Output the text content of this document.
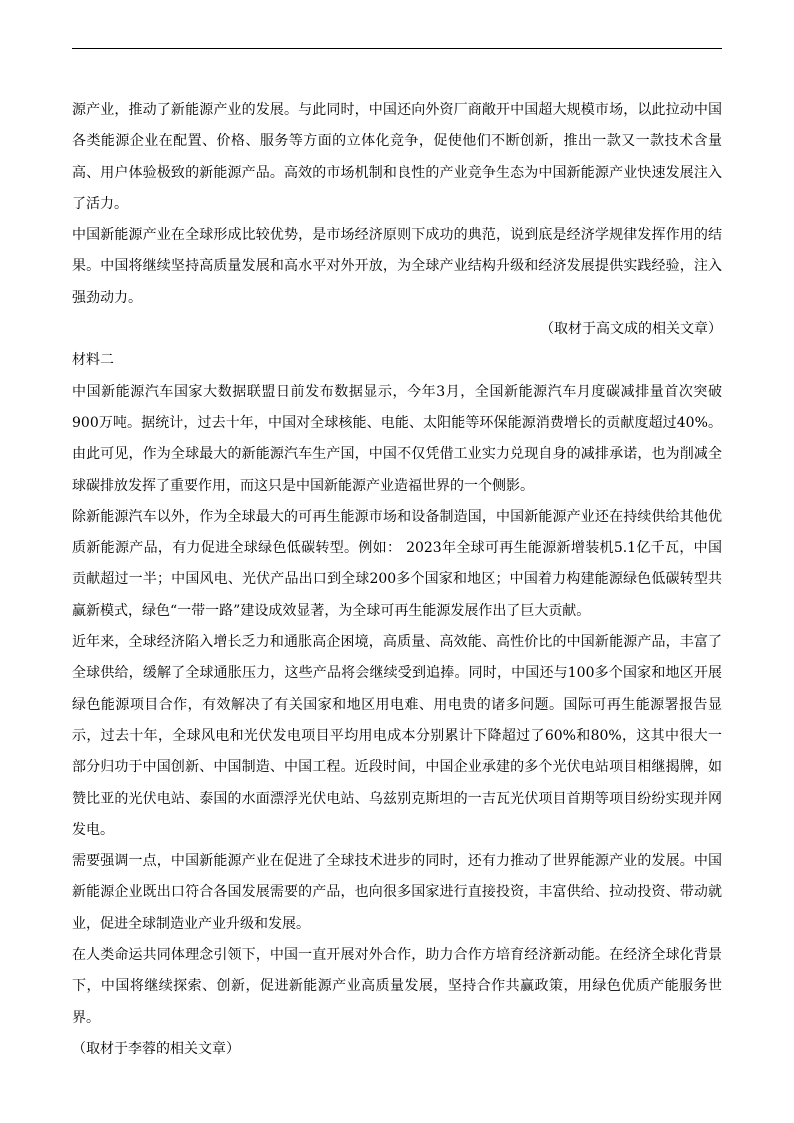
源产业，推动了新能源产业的发展。与此同时，中国还向外资厂商敞开中国超大规模市场，以此拉动中国各类能源企业在配置、价格、服务等方面的立体化竞争，促使他们不断创新，推出一款又一款技术含量高、用户体验极致的新能源产品。高效的市场机制和良性的产业竞争生态为中国新能源产业快速发展注入了活力。

中国新能源产业在全球形成比较优势，是市场经济原则下成功的典范，说到底是经济学规律发挥作用的结果。中国将继续坚持高质量发展和高水平对外开放，为全球产业结构升级和经济发展提供实践经验，注入强劲动力。

（取材于高文成的相关文章）

材料二

中国新能源汽车国家大数据联盟日前发布数据显示，今年3月，全国新能源汽车月度碳减排量首次突破900万吨。据统计，过去十年，中国对全球核能、电能、太阳能等环保能源消费增长的贡献度超过40%。由此可见，作为全球最大的新能源汽车生产国，中国不仅凭借工业实力兑现自身的减排承诺，也为削减全球碳排放发挥了重要作用，而这只是中国新能源产业造福世界的一个侧影。

除新能源汽车以外，作为全球最大的可再生能源市场和设备制造国，中国新能源产业还在持续供给其他优质新能源产品，有力促进全球绿色低碳转型。例如： 2023年全球可再生能源新增装机5.1亿千瓦，中国贡献超过一半；中国风电、光伏产品出口到全球200多个国家和地区；中国着力构建能源绿色低碳转型共赢新模式，绿色“一带一路”建设成效显著，为全球可再生能源发展作出了巨大贡献。

近年来，全球经济陷入增长乏力和通胀高企困境，高质量、高效能、高性价比的中国新能源产品，丰富了全球供给，缓解了全球通胀压力，这些产品将会继续受到追捧。同时，中国还与100多个国家和地区开展绿色能源项目合作，有效解决了有关国家和地区用电难、用电贵的诸多问题。国际可再生能源署报告显示，过去十年，全球风电和光伏发电项目平均用电成本分别累计下降超过了60%和80%，这其中很大一部分归功于中国创新、中国制造、中国工程。近段时间，中国企业承建的多个光伏电站项目相继揭牌，如赞比亚的光伏电站、泰国的水面漂浮光伏电站、乌兹别克斯坦的一吉瓦光伏项目首期等项目纷纷实现并网发电。

需要强调一点，中国新能源产业在促进了全球技术进步的同时，还有力推动了世界能源产业的发展。中国新能源企业既出口符合各国发展需要的产品，也向很多国家进行直接投资，丰富供给、拉动投资、带动就业，促进全球制造业产业升级和发展。

在人类命运共同体理念引领下，中国一直开展对外合作，助力合作方培育经济新动能。在经济全球化背景下，中国将继续探索、创新，促进新能源产业高质量发展，坚持合作共赢政策，用绿色优质产能服务世界。

（取材于李蓉的相关文章）
